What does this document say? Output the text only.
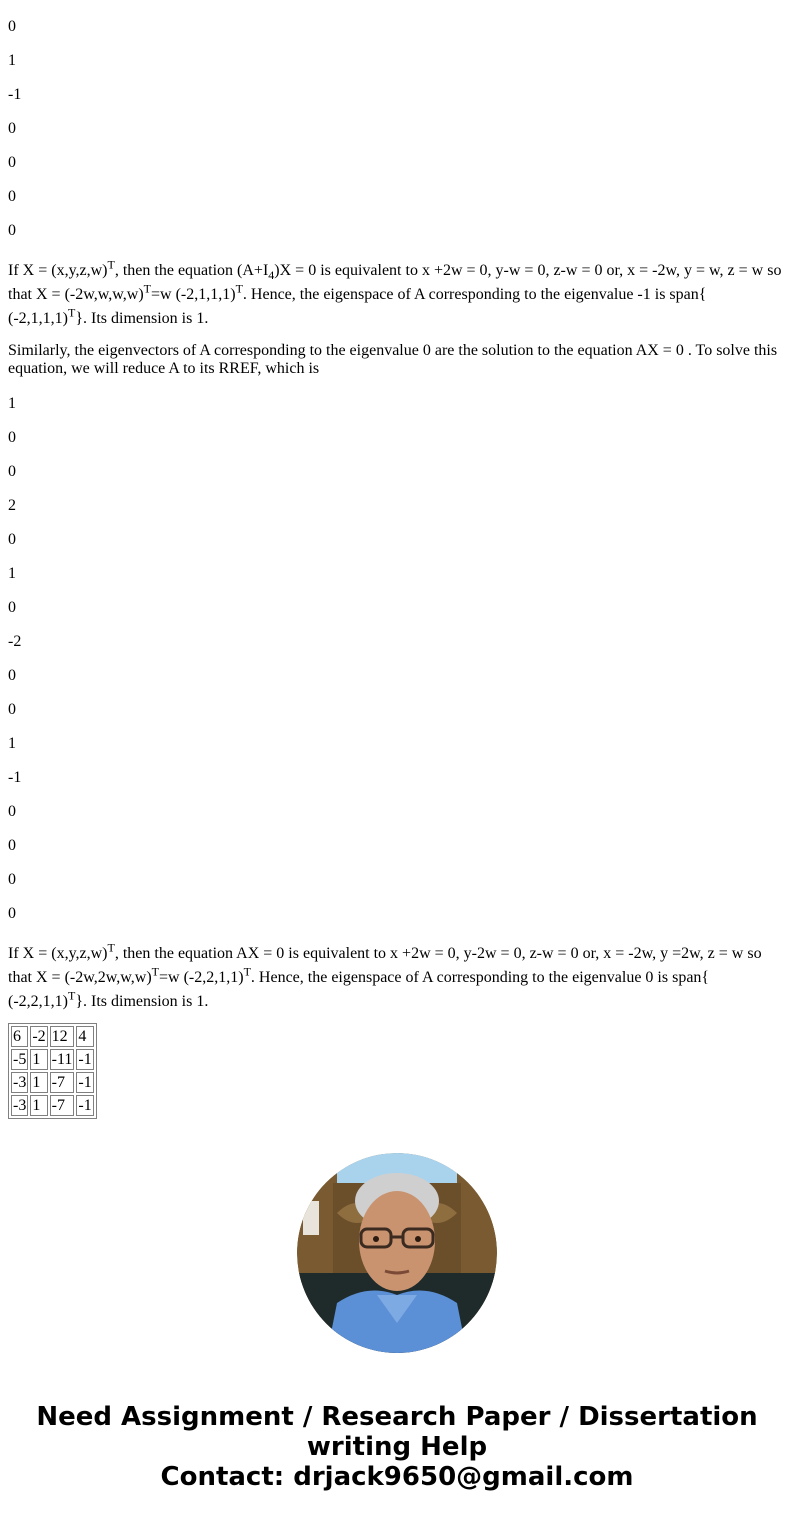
0
1
-1
0
0
0
0

If $X = (x,y,z,w)^T$, then the equation $(A+I_4)X = 0$ is equivalent to x +2w = 0, y-w = 0, z-w = 0 or, x = -2w, y = w, z = w so that $X = (-2w,w,w,w)^T=w$ $(-2,1,1,1)^T$. Hence, the eigenspace of A corresponding to the eigenvalue -1 is span{ $(-2,1,1,1)^T$}. Its dimension is 1.

Similarly, the eigenvectors of A corresponding to the eigenvalue 0 are the solution to the equation AX = 0 . To solve this equation, we will reduce A to its RREF, which is

1
0
0
2
0
1
0
-2
0
0
1
-1
0
0
0
0

If $X = (x,y,z,w)^T$, then the equation AX = 0 is equivalent to x +2w = 0, y-2w = 0, z-w = 0 or, x = -2w, y =2w, z = w so that $X = (-2w,2w,w,w)^T=w$ $(-2,2,1,1)^T$. Hence, the eigenspace of A corresponding to the eigenvalue 0 is span{ $(-2,2,1,1)^T$}. Its dimension is 1.

6	-2	12	4
-5	1	-11	-1
-3	1	-7	-1
-3	1	-7	-1
Need Assignment / Research Paper / Dissertation
writing Help
Contact: drjack9650@gmail.com
